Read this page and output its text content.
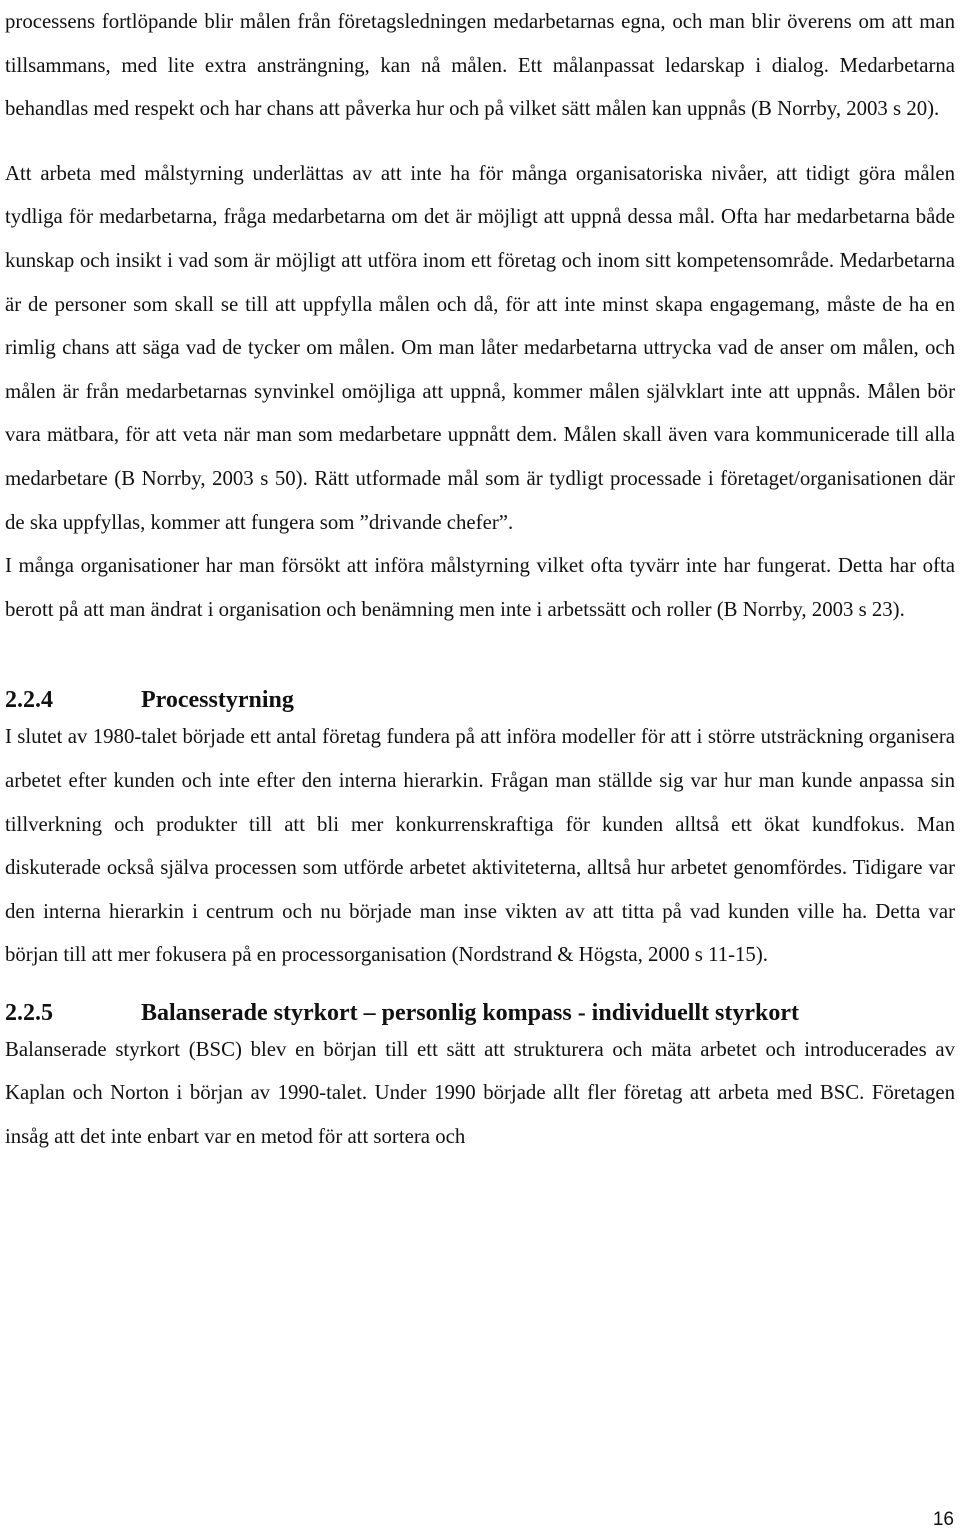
processens fortlöpande blir målen från företagsledningen medarbetarnas egna, och man blir överens om att man tillsammans, med lite extra ansträngning, kan nå målen. Ett målanpassat ledarskap i dialog. Medarbetarna behandlas med respekt och har chans att påverka hur och på vilket sätt målen kan uppnås (B Norrby, 2003 s 20).

Att arbeta med målstyrning underlättas av att inte ha för många organisatoriska nivåer, att tidigt göra målen tydliga för medarbetarna, fråga medarbetarna om det är möjligt att uppnå dessa mål. Ofta har medarbetarna både kunskap och insikt i vad som är möjligt att utföra inom ett företag och inom sitt kompetensområde. Medarbetarna är de personer som skall se till att uppfylla målen och då, för att inte minst skapa engagemang, måste de ha en rimlig chans att säga vad de tycker om målen. Om man låter medarbetarna uttrycka vad de anser om målen, och målen är från medarbetarnas synvinkel omöjliga att uppnå, kommer målen självklart inte att uppnås. Målen bör vara mätbara, för att veta när man som medarbetare uppnått dem. Målen skall även vara kommunicerade till alla medarbetare (B Norrby, 2003 s 50). Rätt utformade mål som är tydligt processade i företaget/organisationen där de ska uppfyllas, kommer att fungera som ”drivande chefer”.

I många organisationer har man försökt att införa målstyrning vilket ofta tyvärr inte har fungerat. Detta har ofta berott på att man ändrat i organisation och benämning men inte i arbetssätt och roller (B Norrby, 2003 s 23).

2.2.4	Processtyrning

I slutet av 1980-talet började ett antal företag fundera på att införa modeller för att i större utsträckning organisera arbetet efter kunden och inte efter den interna hierarkin. Frågan man ställde sig var hur man kunde anpassa sin tillverkning och produkter till att bli mer konkurrenskraftiga för kunden alltså ett ökat kundfokus. Man diskuterade också själva processen som utförde arbetet aktiviteterna, alltså hur arbetet genomfördes. Tidigare var den interna hierarkin i centrum och nu började man inse vikten av att titta på vad kunden ville ha. Detta var början till att mer fokusera på en processorganisation (Nordstrand & Högsta, 2000 s 11-15).

2.2.5	Balanserade styrkort – personlig kompass - individuellt styrkort

Balanserade styrkort (BSC) blev en början till ett sätt att strukturera och mäta arbetet och introducerades av Kaplan och Norton i början av 1990-talet. Under 1990 började allt fler företag att arbeta med BSC. Företagen insåg att det inte enbart var en metod för att sortera och

16
